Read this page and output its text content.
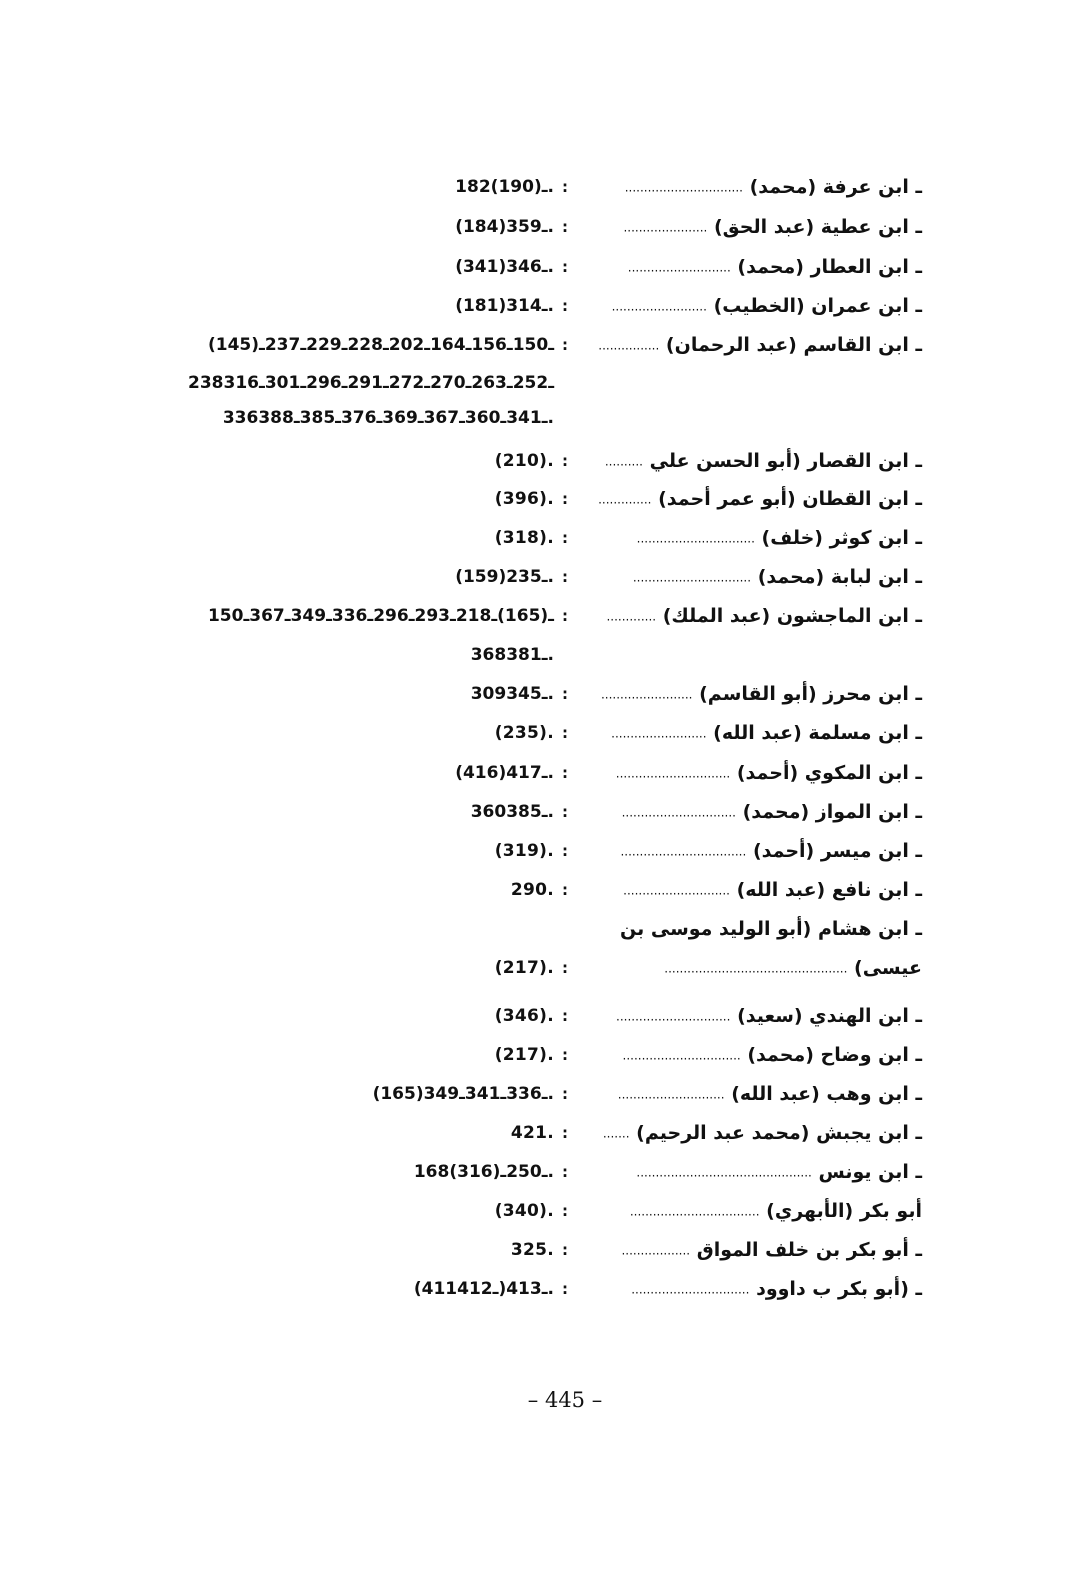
ـ ابن عرفة (محمد) ...............................
:
182ـ(190).
ـ ابن عطية (عبد الحق) ......................
:
(184)ـ359.
ـ ابن العطار (محمد) ...........................
:
(341)ـ346.
ـ ابن عمران (الخطيب) .........................
:
(181)ـ314.
ـ ابن القاسم (عبد الرحمان) ................
:
(145)ـ150ـ156ـ164ـ202ـ228ـ229ـ237ـ
238ـ252ـ263ـ270ـ272ـ291ـ296ـ301ـ316
336ـ341ـ360ـ367ـ369ـ376ـ385ـ388.
ـ ابن القصار (أبو الحسن علي ..........
:
(210).
ـ ابن القطان (أبو عمر أحمد) ..............
:
(396).
ـ ابن كوثر (خلف) ...............................
:
(318).
ـ ابن لبابة (محمد) ...............................
:
(159)ـ235.
ـ ابن الماجشون (عبد الملك) .............
:
150ـ(165)ـ218ـ293ـ296ـ336ـ349ـ367ـ
368ـ381.
ـ ابن محرز (أبو القاسم) ........................
:
309ـ345.
ـ ابن مسلمة (عبد الله) .........................
:
(235).
ـ ابن المكوي (أحمد) ..............................
:
(416)ـ417.
ـ ابن المواز (محمد) ..............................
:
360ـ385.
ـ ابن ميسر (أحمد) .................................
:
(319).
ـ ابن نافع (عبد الله) ............................
:
290.
ـ ابن هشام (أبو الوليد موسى بن
عيسى) ................................................
:
(217).
ـ ابن الهندي (سعيد) ..............................
:
(346).
ـ ابن وضاح (محمد) ...............................
:
(217).
ـ ابن وهب (عبد الله) ............................
:
(165)ـ336ـ341ـ349.
ـ ابن يجبش (محمد عبد الرحيم) .......
:
421.
ـ ابن يونس ..............................................
:
168ـ250ـ(316).
أبو بكر (الأبهري) ..................................
:
(340).
ـ أبو بكر بن خلف المواق ..................
:
325.
ـ (أبو بكر ب داوود ...............................
:
(411ـ412)ـ413.
– 445 –
